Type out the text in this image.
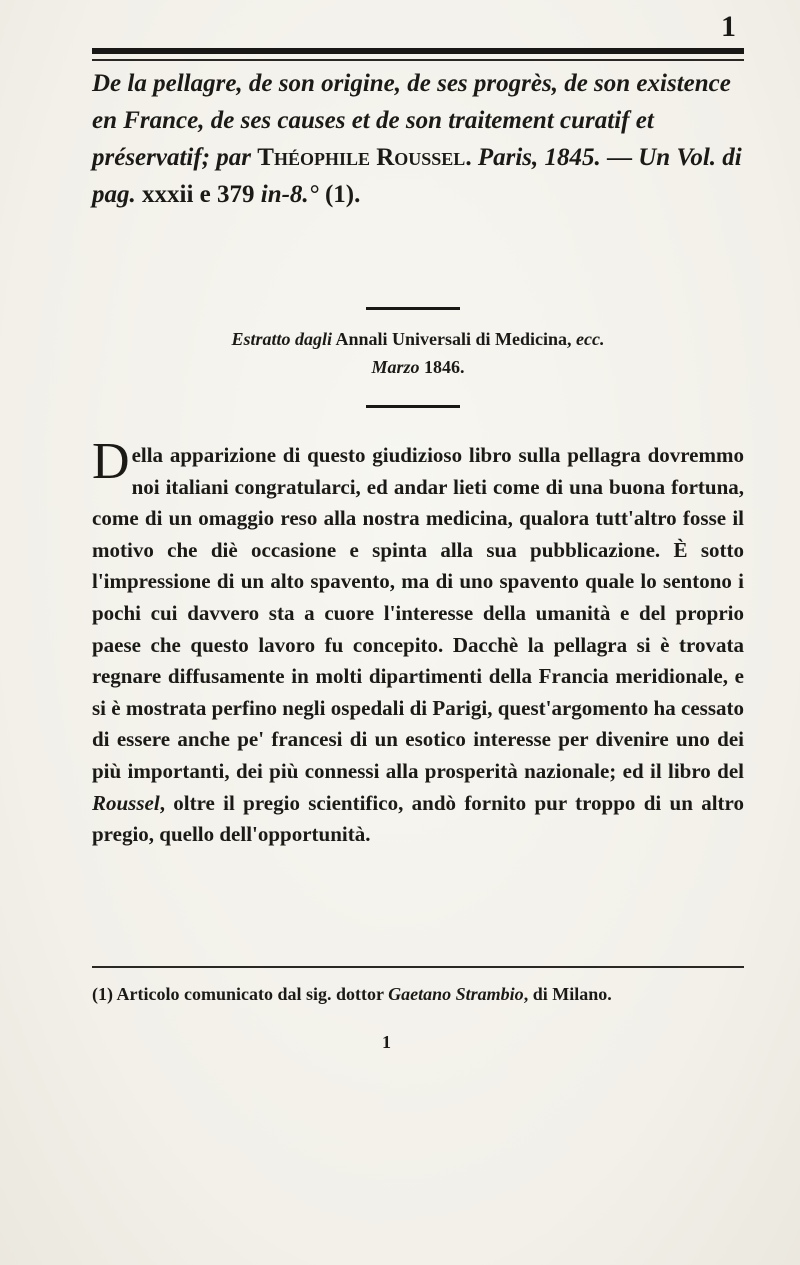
1
De la pellagre, de son origine, de ses progrès, de son existence en France, de ses causes et de son traitement curatif et préservatif; par Théophile Roussel. Paris, 1845. — Un Vol. di pag. xxxii e 379 in-8.° (1).
Estratto dagli Annali Universali di Medicina, ecc.
Marzo 1846.
Della apparizione di questo giudizioso libro sulla pellagra dovremmo noi italiani congratularci, ed andar lieti come di una buona fortuna, come di un omaggio reso alla nostra medicina, qualora tutt'altro fosse il motivo che diè occasione e spinta alla sua pubblicazione. È sotto l'impressione di un alto spavento, ma di uno spavento quale lo sentono i pochi cui davvero sta a cuore l'interesse della umanità e del proprio paese che questo lavoro fu concepito. Dacchè la pellagra si è trovata regnare diffusamente in molti dipartimenti della Francia meridionale, e si è mostrata perfino negli ospedali di Parigi, quest'argomento ha cessato di essere anche pe' francesi di un esotico interesse per divenire uno dei più importanti, dei più connessi alla prosperità nazionale; ed il libro del Roussel, oltre il pregio scientifico, andò fornito pur troppo di un altro pregio, quello dell'opportunità.
(1) Articolo comunicato dal sig. dottor Gaetano Strambio, di Milano.
1
